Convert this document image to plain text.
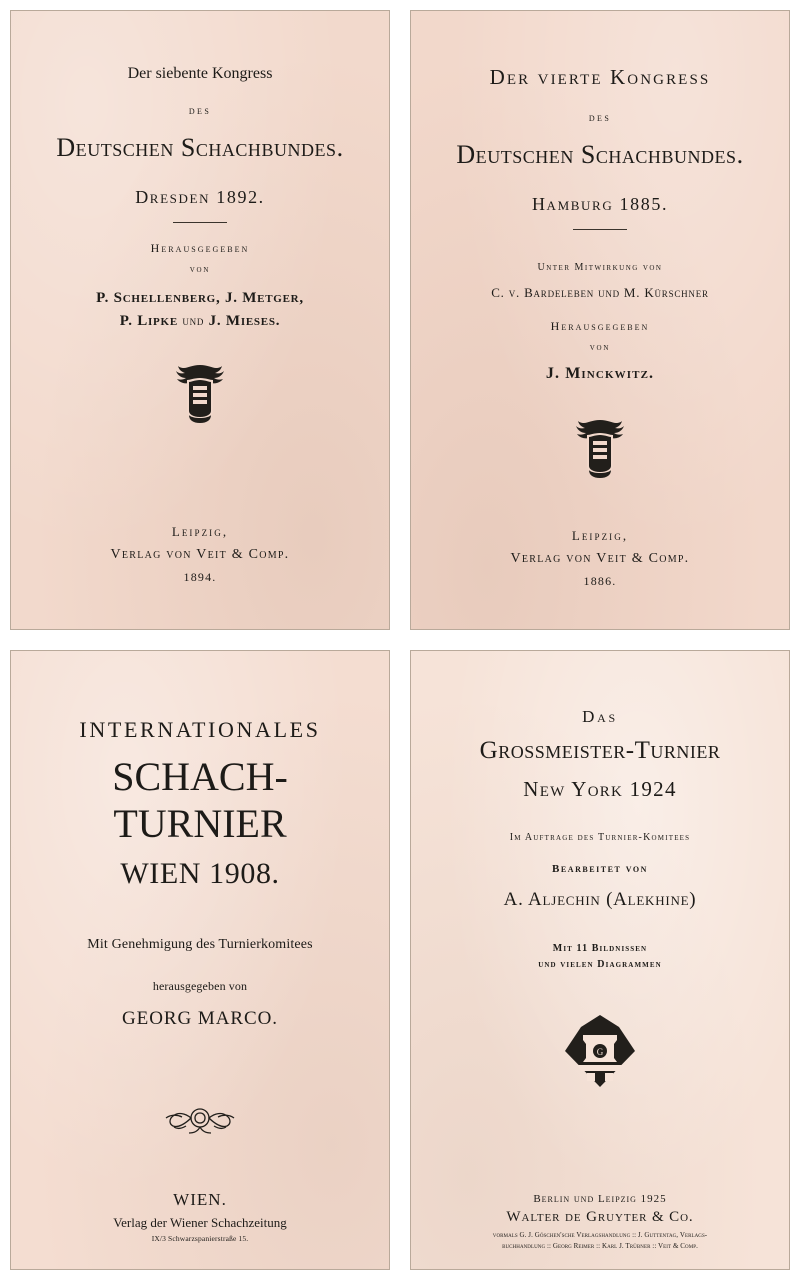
Der siebente Kongress
des
Deutschen Schachbundes.
Dresden 1892.
Herausgegeben
von
P. Schellenberg, J. Metger,
P. Lipke und J. Mieses.
Leipzig,
Verlag von Veit & Comp.
1894.
Der vierte Kongress
des
Deutschen Schachbundes.
Hamburg 1885.
Unter Mitwirkung von
C. v. Bardeleben und M. Kürschner
Herausgegeben
von
J. Minckwitz.
Leipzig,
Verlag von Veit & Comp.
1886.
INTERNATIONALES
SCHACH-TURNIER
WIEN 1908.
Mit Genehmigung des Turnierkomitees
herausgegeben von
GEORG MARCO.
WIEN.
Verlag der Wiener Schachzeitung
IX/3 Schwarzspanierstraße 15.
Das
Grossmeister-Turnier
New York 1924
Im Auftrage des Turnier-Komitees
Bearbeitet von
A. Aljechin (Alekhine)
Mit 11 Bildnissen
und vielen Diagrammen
G
Berlin und Leipzig 1925
Walter de Gruyter & Co.
vormals G. J. Göschen'sche Verlagshandlung :: J. Guttentag, Verlags-
buchhandlung :: Georg Reimer :: Karl J. Trübner :: Veit & Comp.
